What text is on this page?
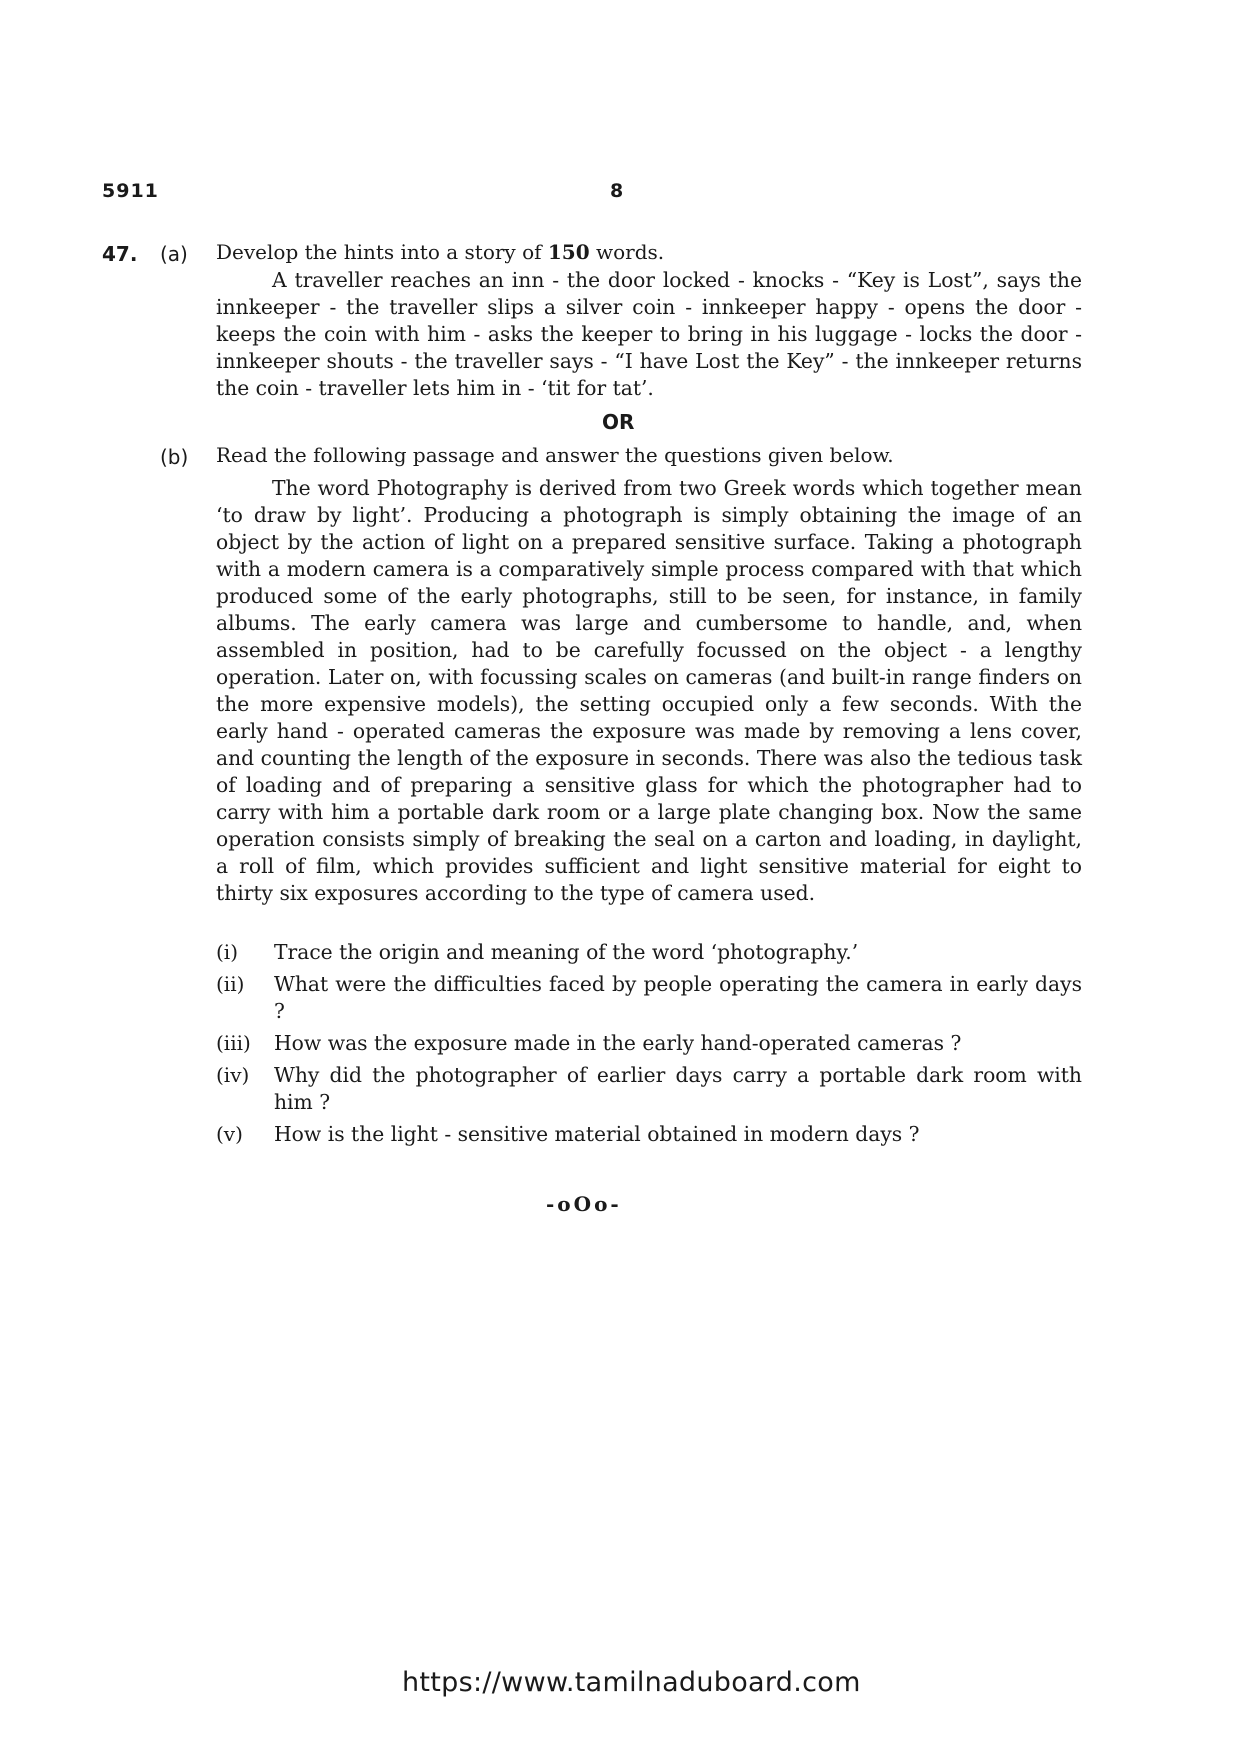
5911	8
47. (a) Develop the hints into a story of 150 words.
A traveller reaches an inn - the door locked - knocks - “Key is Lost”, says the innkeeper - the traveller slips a silver coin - innkeeper happy - opens the door - keeps the coin with him - asks the keeper to bring in his luggage - locks the door - innkeeper shouts - the traveller says - “I have Lost the Key” - the innkeeper returns the coin - traveller lets him in - ‘tit for tat’.
OR
(b) Read the following passage and answer the questions given below.
The word Photography is derived from two Greek words which together mean ‘to draw by light’. Producing a photograph is simply obtaining the image of an object by the action of light on a prepared sensitive surface. Taking a photograph with a modern camera is a comparatively simple process compared with that which produced some of the early photographs, still to be seen, for instance, in family albums. The early camera was large and cumbersome to handle, and, when assembled in position, had to be carefully focussed on the object - a lengthy operation. Later on, with focussing scales on cameras (and built-in range finders on the more expensive models), the setting occupied only a few seconds. With the early hand - operated cameras the exposure was made by removing a lens cover, and counting the length of the exposure in seconds. There was also the tedious task of loading and of preparing a sensitive glass for which the photographer had to carry with him a portable dark room or a large plate changing box. Now the same operation consists simply of breaking the seal on a carton and loading, in daylight, a roll of film, which provides sufficient and light sensitive material for eight to thirty six exposures according to the type of camera used.
(i) Trace the origin and meaning of the word ‘photography.’
(ii) What were the difficulties faced by people operating the camera in early days ?
(iii) How was the exposure made in the early hand-operated cameras ?
(iv) Why did the photographer of earlier days carry a portable dark room with him ?
(v) How is the light - sensitive material obtained in modern days ?
-oOo-
https://www.tamilnaduboard.com
